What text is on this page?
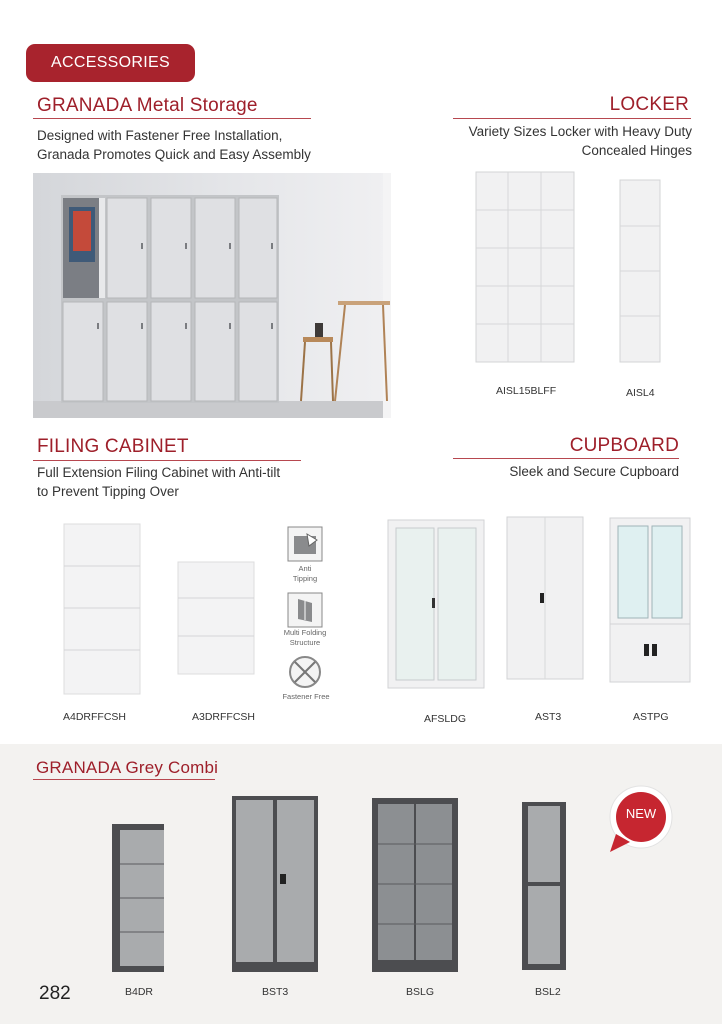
ACCESSORIES
GRANADA Metal Storage
Designed with Fastener Free Installation,
Granada Promotes Quick and Easy Assembly
LOCKER
Variety Sizes Locker with Heavy Duty
Concealed Hinges
AISL15BLFF	AISL4
FILING CABINET
Full Extension Filing Cabinet with Anti-tilt
to Prevent Tipping Over
A4DRFFCSH	A3DRFFCSH
Anti
Tipping
Multi Folding
Structure
Fastener Free
CUPBOARD
Sleek and Secure Cupboard
AFSLDG	AST3	ASTPG
GRANADA Grey Combi
NEW
B4DR	BST3	BSLG	BSL2
282
